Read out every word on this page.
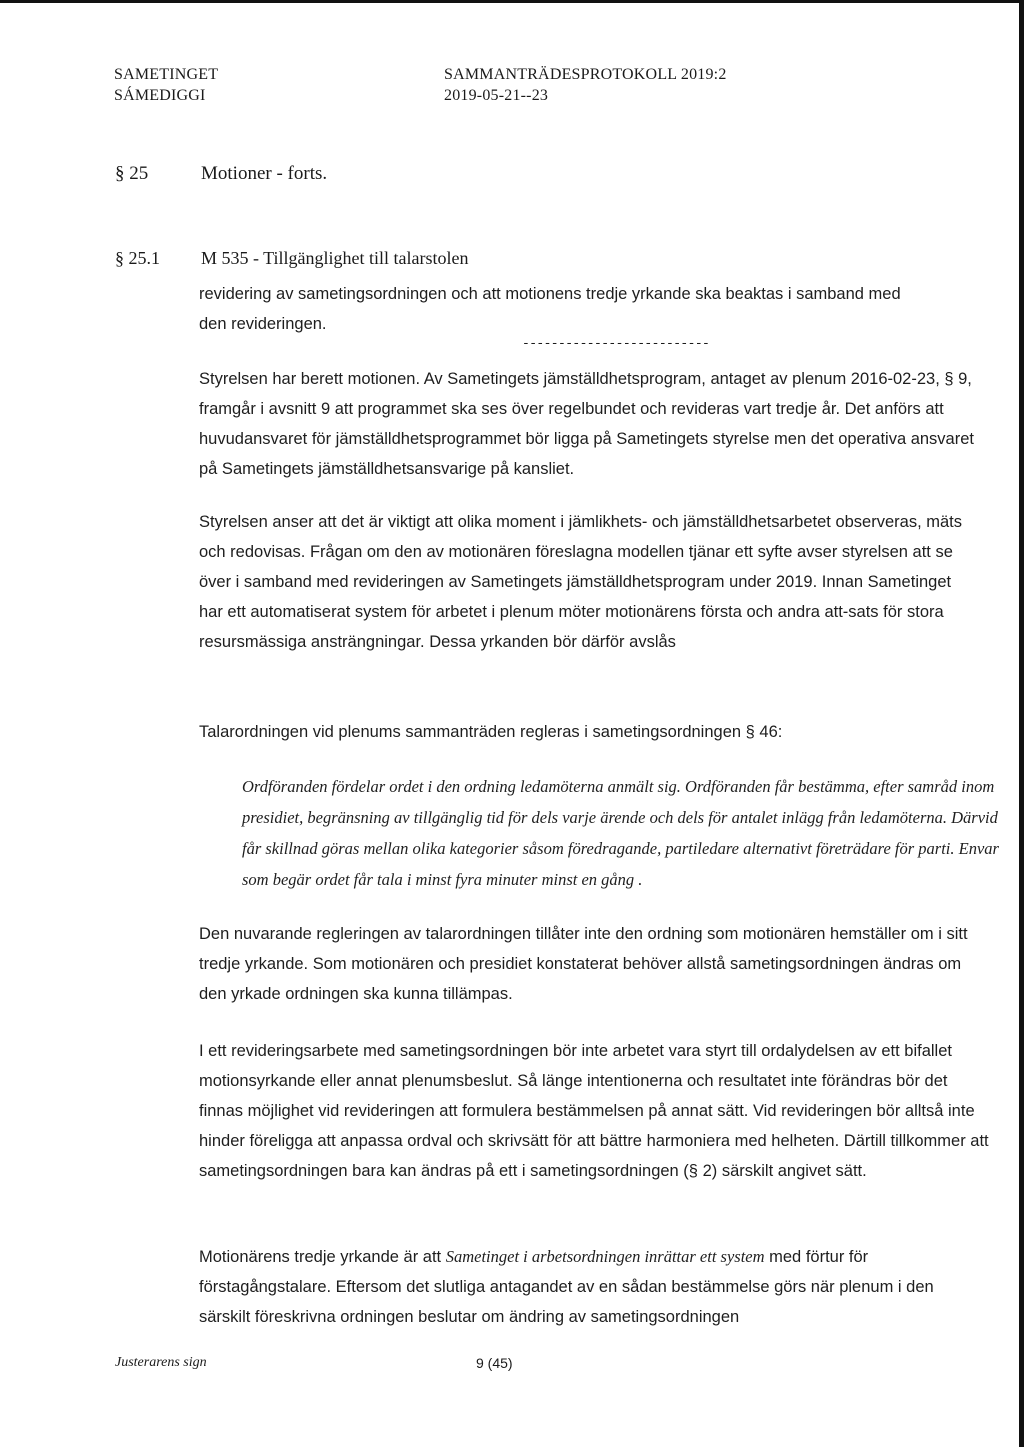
SAMETINGET
SÁMEDIGGI
SAMMANTRÄDESPROTOKOLL 2019:2
2019-05-21--23
§ 25	Motioner - forts.
§ 25.1 M 535 - Tillgänglighet till talarstolen

revidering av sametingsordningen och att motionens tredje yrkande ska beaktas i samband med den revideringen.

--------------------------

Styrelsen har berett motionen. Av Sametingets jämställdhetsprogram, antaget av plenum 2016-02-23, § 9, framgår i avsnitt 9 att programmet ska ses över regelbundet och revideras vart tredje år. Det anförs att huvudansvaret för jämställdhetsprogrammet bör ligga på Sametingets styrelse men det operativa ansvaret på Sametingets jämställdhetsansvarige på kansliet.

Styrelsen anser att det är viktigt att olika moment i jämlikhets- och jämställdhetsarbetet observeras, mäts och redovisas. Frågan om den av motionären föreslagna modellen tjänar ett syfte avser styrelsen att se över i samband med revideringen av Sametingets jämställdhetsprogram under 2019. Innan Sametinget har ett automatiserat system för arbetet i plenum möter motionärens första och andra att-sats för stora resursmässiga ansträngningar. Dessa yrkanden bör därför avslås

Talarordningen vid plenums sammanträden regleras i sametingsordningen § 46:

Ordföranden fördelar ordet i den ordning ledamöterna anmält sig. Ordföranden får bestämma, efter samråd inom presidiet, begränsning av tillgänglig tid för dels varje ärende och dels för antalet inlägg från ledamöterna. Därvid får skillnad göras mellan olika kategorier såsom föredragande, partiledare alternativt företrädare för parti. Envar som begär ordet får tala i minst fyra minuter minst en gång .

Den nuvarande regleringen av talarordningen tillåter inte den ordning som motionären hemställer om i sitt tredje yrkande. Som motionären och presidiet konstaterat behöver allstå sametingsordningen ändras om den yrkade ordningen ska kunna tillämpas.

I ett revideringsarbete med sametingsordningen bör inte arbetet vara styrt till ordalydelsen av ett bifallet motionsyrkande eller annat plenumsbeslut. Så länge intentionerna och resultatet inte förändras bör det finnas möjlighet vid revideringen att formulera bestämmelsen på annat sätt. Vid revideringen bör alltså inte hinder föreligga att anpassa ordval och skrivsätt för att bättre harmoniera med helheten. Därtill tillkommer att sametingsordningen bara kan ändras på ett i sametingsordningen (§ 2) särskilt angivet sätt.

Motionärens tredje yrkande är att Sametinget i arbetsordningen inrättar ett system med förtur för förstagångstalare. Eftersom det slutliga antagandet av en sådan bestämmelse görs när plenum i den särskilt föreskrivna ordningen beslutar om ändring av sametingsordningen

Justerarens sign	9 (45)
